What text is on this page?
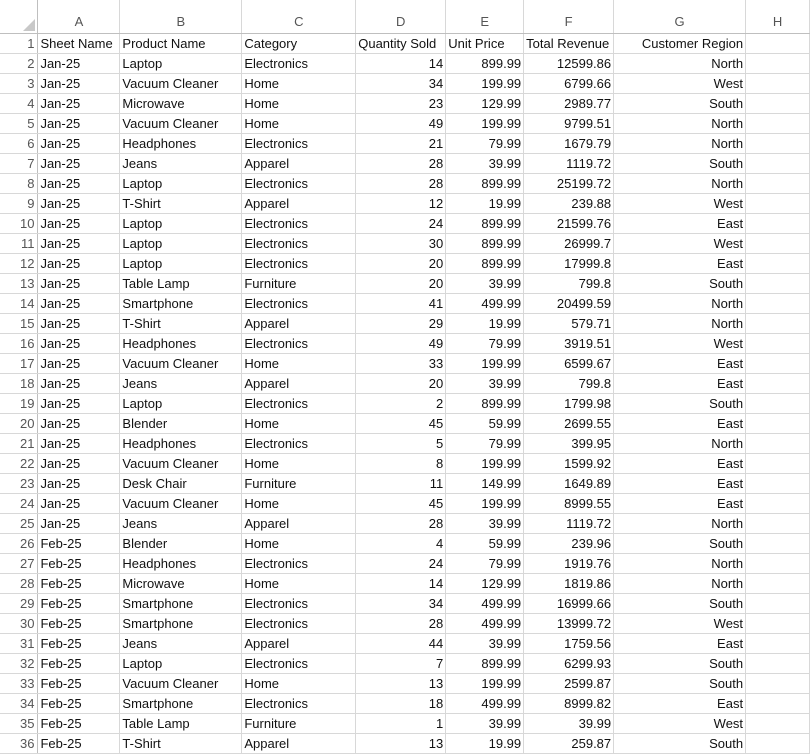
	A	B	C	D	E	F	G	H
1	Sheet Name	Product Name	Category	Quantity Sold	Unit Price	Total Revenue	Customer Region	
2	Jan-25	Laptop	Electronics	14	899.99	12599.86	North	
3	Jan-25	Vacuum Cleaner	Home	34	199.99	6799.66	West	
4	Jan-25	Microwave	Home	23	129.99	2989.77	South	
5	Jan-25	Vacuum Cleaner	Home	49	199.99	9799.51	North	
6	Jan-25	Headphones	Electronics	21	79.99	1679.79	North	
7	Jan-25	Jeans	Apparel	28	39.99	1119.72	South	
8	Jan-25	Laptop	Electronics	28	899.99	25199.72	North	
9	Jan-25	T-Shirt	Apparel	12	19.99	239.88	West	
10	Jan-25	Laptop	Electronics	24	899.99	21599.76	East	
11	Jan-25	Laptop	Electronics	30	899.99	26999.7	West	
12	Jan-25	Laptop	Electronics	20	899.99	17999.8	East	
13	Jan-25	Table Lamp	Furniture	20	39.99	799.8	South	
14	Jan-25	Smartphone	Electronics	41	499.99	20499.59	North	
15	Jan-25	T-Shirt	Apparel	29	19.99	579.71	North	
16	Jan-25	Headphones	Electronics	49	79.99	3919.51	West	
17	Jan-25	Vacuum Cleaner	Home	33	199.99	6599.67	East	
18	Jan-25	Jeans	Apparel	20	39.99	799.8	East	
19	Jan-25	Laptop	Electronics	2	899.99	1799.98	South	
20	Jan-25	Blender	Home	45	59.99	2699.55	East	
21	Jan-25	Headphones	Electronics	5	79.99	399.95	North	
22	Jan-25	Vacuum Cleaner	Home	8	199.99	1599.92	East	
23	Jan-25	Desk Chair	Furniture	11	149.99	1649.89	East	
24	Jan-25	Vacuum Cleaner	Home	45	199.99	8999.55	East	
25	Jan-25	Jeans	Apparel	28	39.99	1119.72	North	
26	Feb-25	Blender	Home	4	59.99	239.96	South	
27	Feb-25	Headphones	Electronics	24	79.99	1919.76	North	
28	Feb-25	Microwave	Home	14	129.99	1819.86	North	
29	Feb-25	Smartphone	Electronics	34	499.99	16999.66	South	
30	Feb-25	Smartphone	Electronics	28	499.99	13999.72	West	
31	Feb-25	Jeans	Apparel	44	39.99	1759.56	East	
32	Feb-25	Laptop	Electronics	7	899.99	6299.93	South	
33	Feb-25	Vacuum Cleaner	Home	13	199.99	2599.87	South	
34	Feb-25	Smartphone	Electronics	18	499.99	8999.82	East	
35	Feb-25	Table Lamp	Furniture	1	39.99	39.99	West	
36	Feb-25	T-Shirt	Apparel	13	19.99	259.87	South	
